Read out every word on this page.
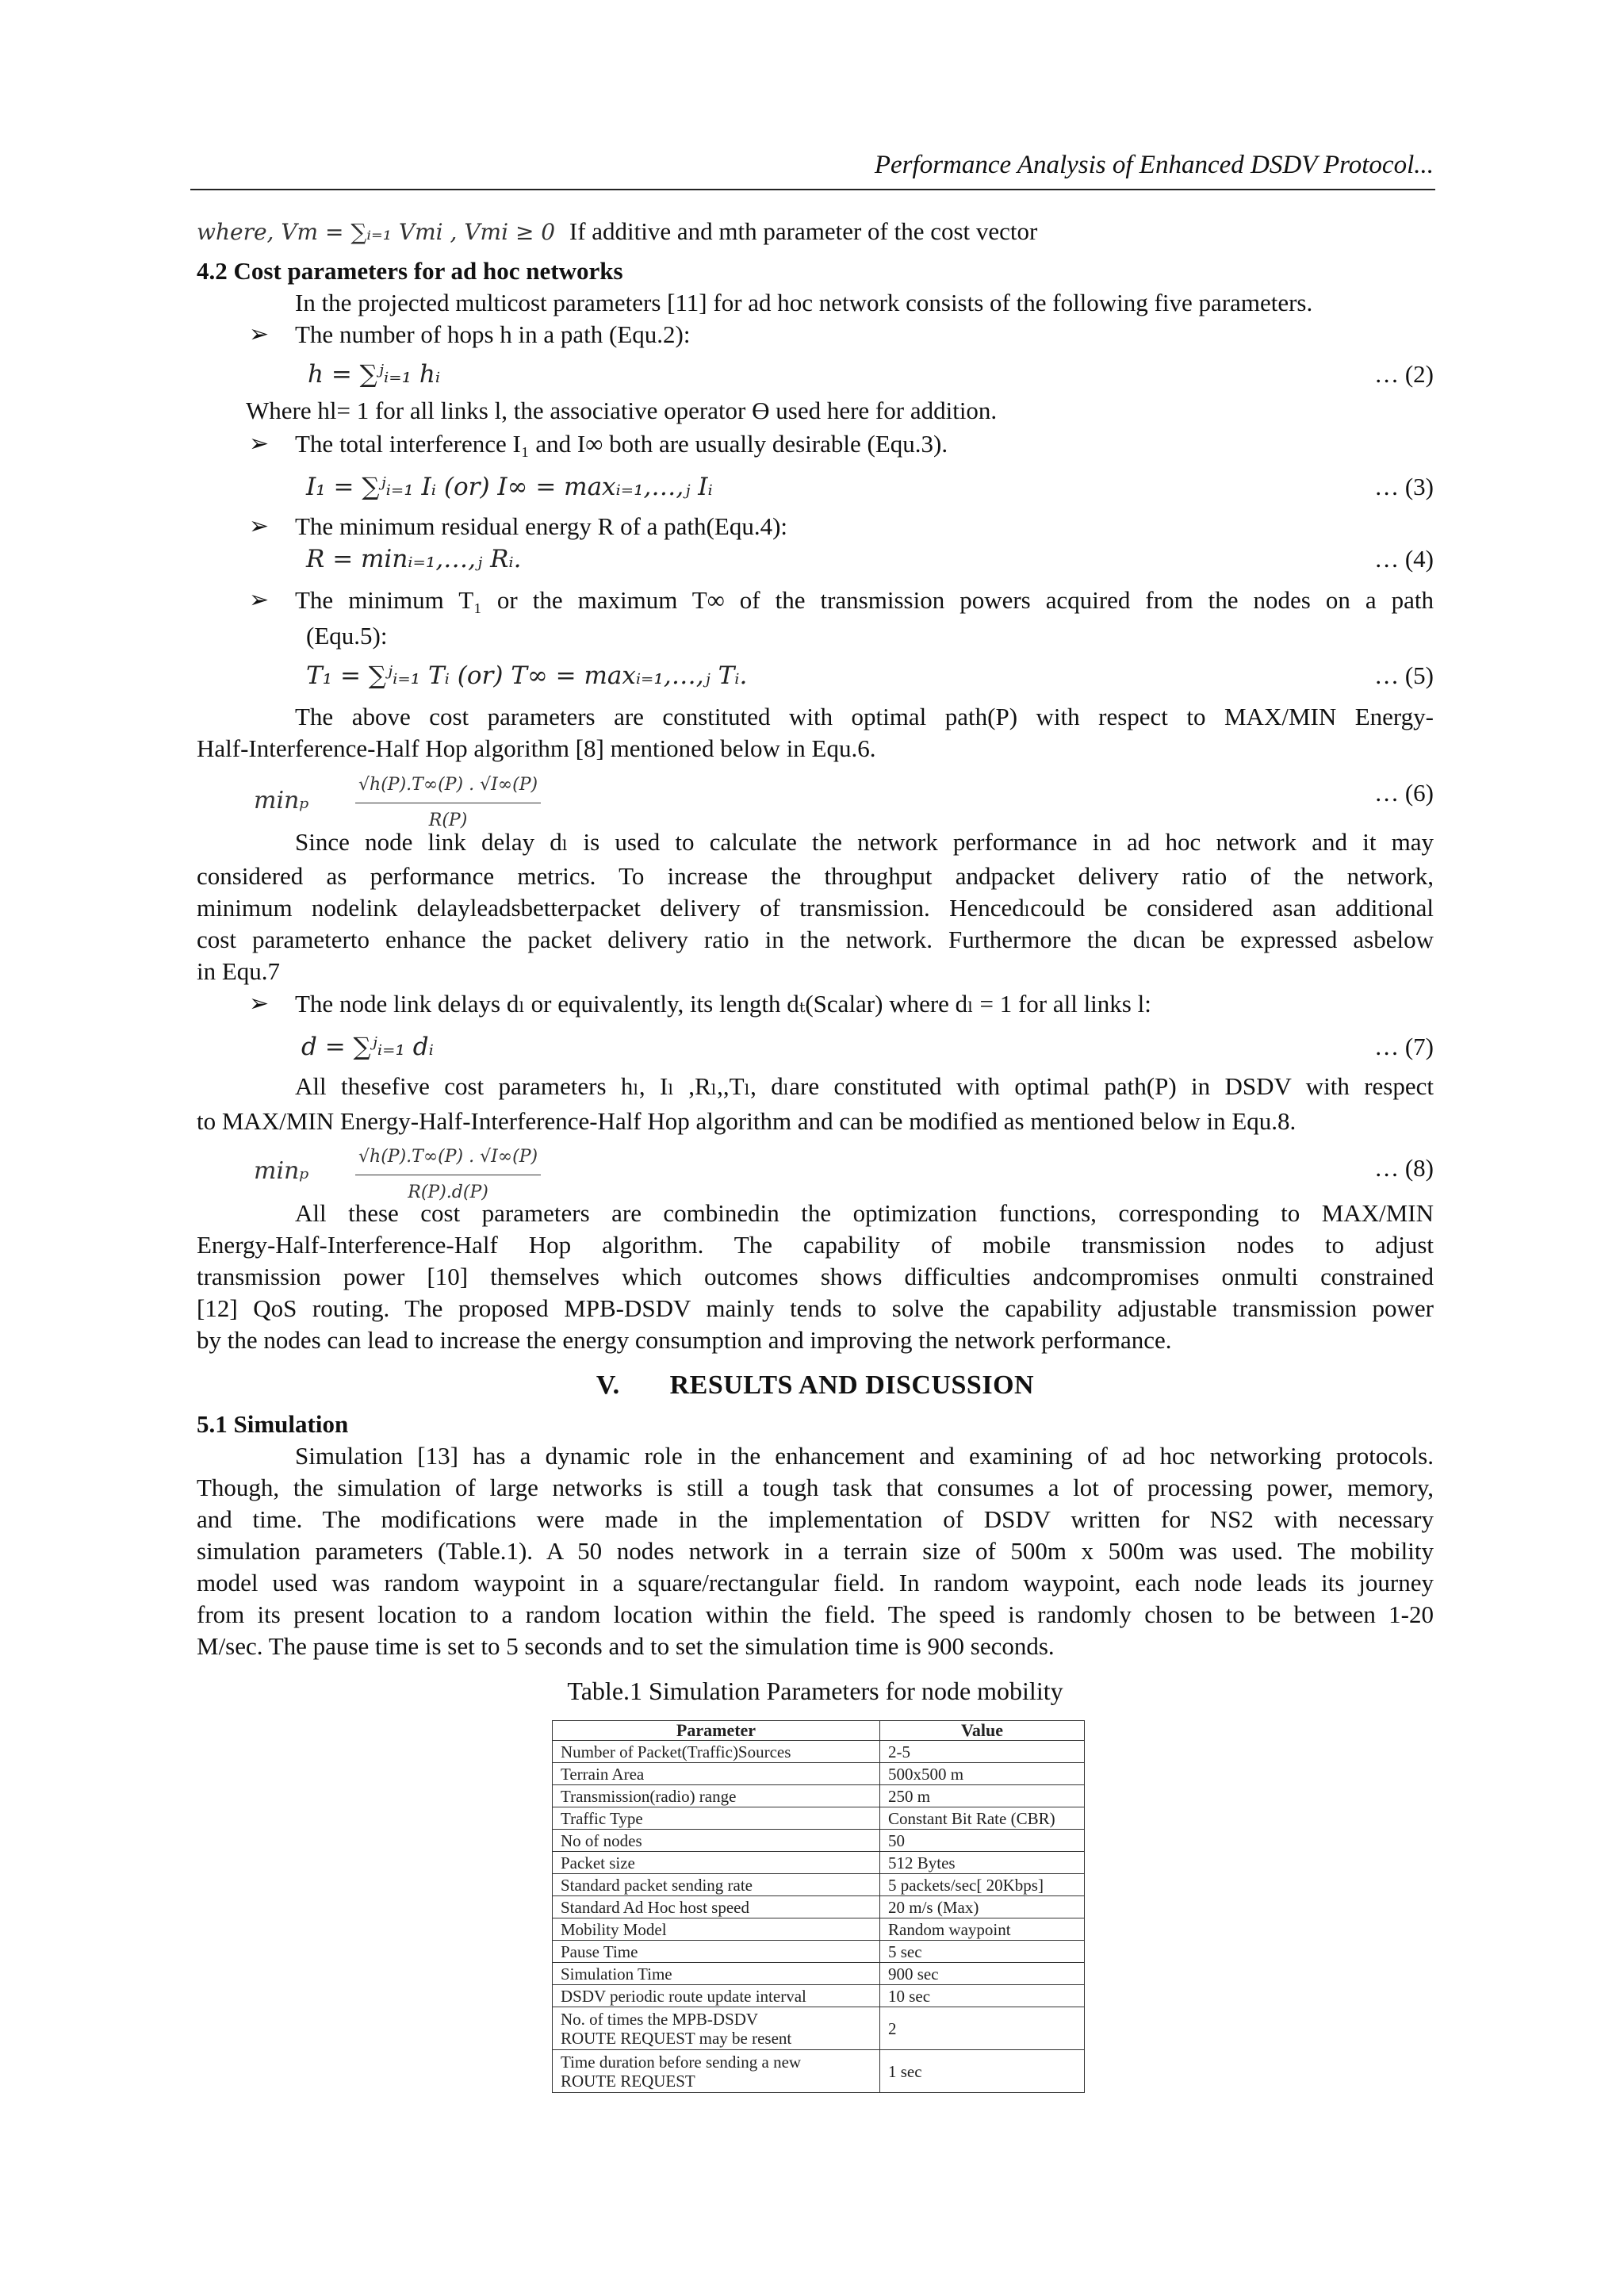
Performance Analysis of Enhanced DSDV Protocol...
where, Vm = ∑ᵢ₌₁ Vmi , Vmi ≥ 0 If additive and mth parameter of the cost vector
4.2 Cost parameters for ad hoc networks
In the projected multicost parameters [11] for ad hoc network consists of the following five parameters.
➢ The number of hops h in a path (Equ.2):
h = ∑ʲᵢ₌₁ hᵢ	… (2)
Where hl= 1 for all links l, the associative operator ϴ used here for addition.
➢ The total interference I₁ and I∞ both are usually desirable (Equ.3).
I₁ = ∑ʲᵢ₌₁ Iᵢ (or) I∞ = maxᵢ₌₁,…,ⱼ Iᵢ	… (3)
➢ The minimum residual energy R of a path(Equ.4):
R = minᵢ₌₁,…,ⱼ Rᵢ.	… (4)
➢ The minimum T₁ or the maximum T∞ of the transmission powers acquired from the nodes on a path
(Equ.5):
T₁ = ∑ʲᵢ₌₁ Tᵢ (or) T∞ = maxᵢ₌₁,…,ⱼ Tᵢ.	… (5)
The above cost parameters are constituted with optimal path(P) with respect to MAX/MIN Energy-
Half-Interference-Half Hop algorithm [8] mentioned below in Equ.6.
minₚ	$\frac{√h(P).T\infty(P) . √I\infty(P)}{R(P)}$	… (6)
Since node link delay dₗ is used to calculate the network performance in ad hoc network and it may
considered as performance metrics. To increase the throughput andpacket delivery ratio of the network,
minimum nodelink delayleadsbetterpacket delivery of transmission. Hencedₗcould be considered asan additional
cost parameterto enhance the packet delivery ratio in the network. Furthermore the dₗcan be expressed asbelow
in Equ.7
➢ The node link delays dₗ or equivalently, its length dₜ(Scalar) where dₗ = 1 for all links l:
d = ∑ʲᵢ₌₁ dᵢ	… (7)
All thesefive cost parameters hₗ, Iₗ ,Rₗ,,Tₗ, dₗare constituted with optimal path(P) in DSDV with respect
to MAX/MIN Energy-Half-Interference-Half Hop algorithm and can be modified as mentioned below in Equ.8.
minₚ	$\frac{√h(P).T\infty(P) . √I\infty(P)}{R(P).d(P)}$	… (8)
All these cost parameters are combinedin the optimization functions, corresponding to MAX/MIN
Energy-Half-Interference-Half Hop algorithm. The capability of mobile transmission nodes to adjust
transmission power [10] themselves which outcomes shows difficulties andcompromises onmulti constrained
[12] QoS routing. The proposed MPB-DSDV mainly tends to solve the capability adjustable transmission power
by the nodes can lead to increase the energy consumption and improving the network performance.
V.       RESULTS AND DISCUSSION
5.1 Simulation
Simulation [13] has a dynamic role in the enhancement and examining of ad hoc networking protocols.
Though, the simulation of large networks is still a tough task that consumes a lot of processing power, memory,
and time. The modifications were made in the implementation of DSDV written for NS2 with necessary
simulation parameters (Table.1). A 50 nodes network in a terrain size of 500m x 500m was used. The mobility
model used was random waypoint in a square/rectangular field. In random waypoint, each node leads its journey
from its present location to a random location within the field. The speed is randomly chosen to be between 1-20
M/sec. The pause time is set to 5 seconds and to set the simulation time is 900 seconds.
Table.1 Simulation Parameters for node mobility
Parameter	Value
Number of Packet(Traffic)Sources	2-5
Terrain Area	500x500 m
Transmission(radio) range	250 m
Traffic Type	Constant Bit Rate (CBR)
No of nodes	50
Packet size	512 Bytes
Standard packet sending rate	5 packets/sec[ 20Kbps]
Standard Ad Hoc host speed	20 m/s (Max)
Mobility Model	Random waypoint
Pause Time	5 sec
Simulation Time	900 sec
DSDV periodic route update interval	10 sec
No. of times the MPB-DSDV
ROUTE REQUEST may be resent	2
Time duration before sending a new
ROUTE REQUEST	1 sec
